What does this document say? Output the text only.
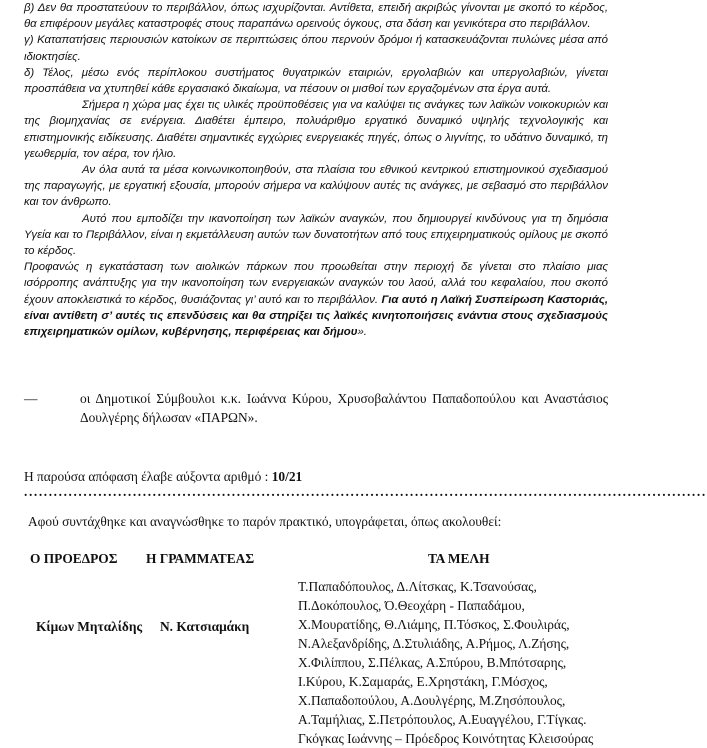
β) Δεν θα προστατεύουν το περιβάλλον, όπως ισχυρίζονται. Αντίθετα, επειδή ακριβώς γίνονται με σκοπό το κέρδος, θα επιφέρουν μεγάλες καταστροφές στους παραπάνω ορεινούς όγκους, στα δάση και γενικότερα στο περιβάλλον.

γ) Καταπατήσεις περιουσιών κατοίκων σε περιπτώσεις όπου περνούν δρόμοι ή κατασκευάζονται πυλώνες μέσα από ιδιοκτησίες.

δ) Τέλος, μέσω ενός περίπλοκου συστήματος θυγατρικών εταιριών, εργολαβιών και υπεργολαβιών, γίνεται προσπάθεια να χτυπηθεί κάθε εργασιακό δικαίωμα, να πέσουν οι μισθοί των εργαζομένων στα έργα αυτά.

Σήμερα η χώρα μας έχει τις υλικές προϋποθέσεις για να καλύψει τις ανάγκες των λαϊκών νοικοκυριών και της βιομηχανίας σε ενέργεια. Διαθέτει έμπειρο, πολυάριθμο εργατικό δυναμικό υψηλής τεχνολογικής και επιστημονικής ειδίκευσης. Διαθέτει σημαντικές εγχώριες ενεργειακές πηγές, όπως ο λιγνίτης, το υδάτινο δυναμικό, τη γεωθερμία, τον αέρα, τον ήλιο.

Αν όλα αυτά τα μέσα κοινωνικοποιηθούν, στα πλαίσια του εθνικού κεντρικού επιστημονικού σχεδιασμού της παραγωγής, με εργατική εξουσία, μπορούν σήμερα να καλύψουν αυτές τις ανάγκες, με σεβασμό στο περιβάλλον και τον άνθρωπο.

Αυτό που εμποδίζει την ικανοποίηση των λαϊκών αναγκών, που δημιουργεί κινδύνους για τη δημόσια Υγεία και το Περιβάλλον, είναι η εκμετάλλευση αυτών των δυνατοτήτων από τους επιχειρηματικούς ομίλους με σκοπό το κέρδος.

Προφανώς η εγκατάσταση των αιολικών πάρκων που προωθείται στην περιοχή δε γίνεται στο πλαίσιο μιας ισόρροπης ανάπτυξης για την ικανοποίηση των ενεργειακών αναγκών του λαού, αλλά του κεφαλαίου, που σκοπό έχουν αποκλειστικά το κέρδος, θυσιάζοντας γι’ αυτό και το περιβάλλον. Για αυτό η Λαϊκή Συσπείρωση Καστοριάς, είναι αντίθετη σ’ αυτές τις επενδύσεις και θα στηρίξει τις λαϊκές κινητοποιήσεις ενάντια στους σχεδιασμούς επιχειρηματικών ομίλων, κυβέρνησης, περιφέρειας και δήμου».

—	οι Δημοτικοί Σύμβουλοι κ.κ. Ιωάννα Κύρου, Χρυσοβαλάντου Παπαδοπούλου και Αναστάσιος Δουλγέρης δήλωσαν «ΠΑΡΩΝ».
Η παρούσα απόφαση έλαβε αύξοντα αριθμό : 10/21
..........................................................................................................................................
Αφού συντάχθηκε και αναγνώσθηκε το παρόν πρακτικό, υπογράφεται, όπως ακολουθεί:
Ο ΠΡΟΕΔΡΟΣ Η ΓΡΑΜΜΑΤΕΑΣ	ΤΑ ΜΕΛΗ
Κίμων Μηταλίδης Ν. Κατσιαμάκη
Τ.Παπαδόπουλος, Δ.Λίτσκας, Κ.Τσανούσας,
Π.Δοκόπουλος, Ό.Θεοχάρη - Παπαδάμου,
Χ.Μουρατίδης, Θ.Λιάμης, Π.Τόσκος, Σ.Φουλιράς,
Ν.Αλεξανδρίδης, Δ.Στυλιάδης, Α.Ρήμος, Λ.Ζήσης,
Χ.Φιλίππου, Σ.Πέλκας, Α.Σπύρου, Β.Μπότσαρης,
Ι.Κύρου, Κ.Σαμαράς, Ε.Χρηστάκη, Γ.Μόσχος,
Χ.Παπαδοπούλου, Α.Δουλγέρης, Μ.Ζησόπουλος,
Α.Ταμήλιας, Σ.Πετρόπουλος, Α.Ευαγγέλου, Γ.Τίγκας.
Γκόγκας Ιωάννης – Πρόεδρος Κοινότητας Κλεισούρας
